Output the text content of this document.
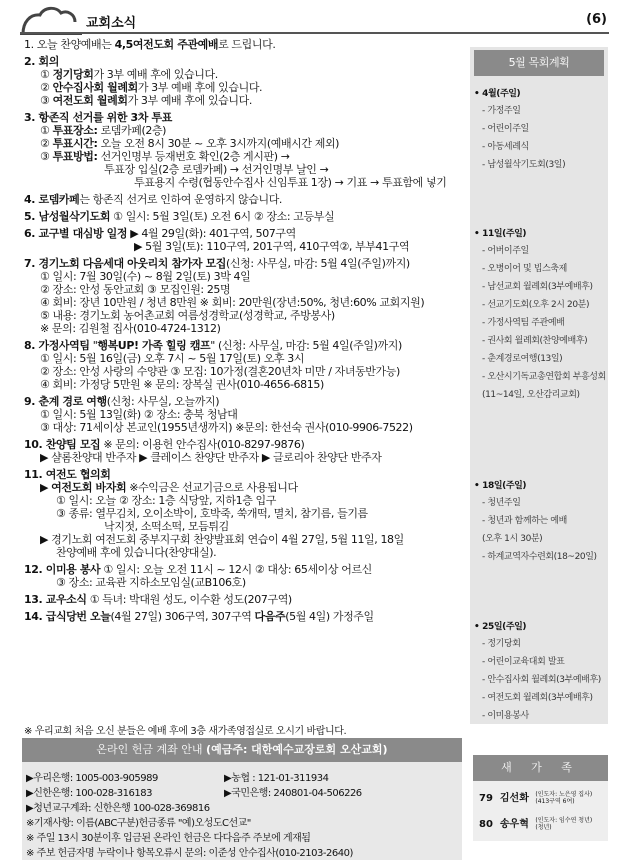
교회소식	(6)
1. 오늘 찬양예배는 4,5여전도회 주관예배로 드립니다.
2. 회의
① 정기당회가 3부 예배 후에 있습니다.
② 안수집사회 월례회가 3부 예배 후에 있습니다.
③ 여전도회 월례회가 3부 예배 후에 있습니다.
3. 항존직 선거를 위한 3차 투표
① 투표장소: 로뎀카페(2층)
② 투표시간: 오늘 오전 8시 30분 ~ 오후 3시까지(예배시간 제외)
③ 투표방법: 선거인명부 등재번호 확인(2층 게시판) →
투표장 입실(2층 로뎀카페) → 선거인명부 날인 →
투표용지 수령(협동안수집사 신임투표 1장) → 기표 → 투표함에 넣기
4. 로뎀카페는 항존직 선거로 인하여 운영하지 않습니다.
5. 남성월삭기도회 ① 일시: 5월 3일(토) 오전 6시 ② 장소: 고등부실
6. 교구별 대심방 일정 ▶ 4월 29일(화): 401구역, 507구역
▶ 5월 3일(토): 110구역, 201구역, 410구역②, 부부41구역
7. 경기노회 다음세대 아웃리치 참가자 모집(신청: 사무실, 마감: 5월 4일(주일)까지)
① 일시: 7월 30일(수) ~ 8월 2일(토) 3박 4일
② 장소: 안성 동안교회 ③ 모집인원: 25명
④ 회비: 장년 10만원 / 청년 8만원 ※ 회비: 20만원(장년:50%, 청년:60% 교회지원)
⑤ 내용: 경기노회 농어촌교회 여름성경학교(성경학교, 주방봉사)
※ 문의: 김원철 집사(010-4724-1312)
8. 가정사역팀 "행복UP! 가족 힐링 캠프" (신청: 사무실, 마감: 5월 4일(주일)까지)
① 일시: 5월 16일(금) 오후 7시 ~ 5월 17일(토) 오후 3시
② 장소: 안성 사랑의 수양관 ③ 모집: 10가정(결혼20년차 미만 / 자녀동반가능)
④ 회비: 가정당 5만원 ※ 문의: 장복실 권사(010-4656-6815)
9. 춘계 경로 여행(신청: 사무실, 오늘까지)
① 일시: 5월 13일(화) ② 장소: 충북 청남대
③ 대상: 71세이상 본교인(1955년생까지) ※문의: 한선숙 권사(010-9906-7522)
10. 찬양팀 모집 ※ 문의: 이용헌 안수집사(010-8297-9876)
▶ 샬롬찬양대 반주자 ▶ 클레이스 찬양단 반주자 ▶ 글로리아 찬양단 반주자
11. 여전도 협의회
▶ 여전도회 바자회 ※수익금은 선교기금으로 사용됩니다
① 일시: 오늘 ② 장소: 1층 식당앞, 지하1층 입구
③ 종류: 열무김치, 오이소박이, 호박죽, 쑥개떡, 멸치, 참기름, 들기름
낙지젓, 소떡소떡, 모듬튀김
▶ 경기노회 여전도회 중부지구회 찬양발표회 연습이 4월 27일, 5월 11일, 18일
찬양예배 후에 있습니다(찬양대실).
12. 이미용 봉사 ① 일시: 오늘 오전 11시 ~ 12시 ② 대상: 65세이상 어르신
③ 장소: 교육관 지하소모임실(교B106호)
13. 교우소식 ① 득녀: 박대원 성도, 이수환 성도(207구역)
14. 급식당번 오늘(4월 27일) 306구역, 307구역 다음주(5월 4일) 가정주일
5월 목회계획
• 4월(주일)
- 가정주일
- 어린이주일
- 아동세례식
- 남성월삭기도회(3일)
• 11일(주일)
- 어버이주일
- 오병이어 및 빕스축제
- 남선교회 월례회(3부예배후)
- 선교기도회(오후 2시 20분)
- 가정사역팀 주관예배
- 권사회 월례회(찬양예배후)
- 춘계경로여행(13일)
- 오산시기독교총연합회 부흥성회
(11~14일, 오산감리교회)
• 18일(주일)
- 청년주일
- 청년과 함께하는 예배
(오후 1시 30분)
- 하계교역자수련회(18~20일)
• 25일(주일)
- 정기당회
- 어린이교육대회 발표
- 안수집사회 월례회(3부예배후)
- 여전도회 월례회(3부예배후)
- 이미용봉사
※ 우리교회 처음 오신 분들은 예배 후에 3층 새가족영접실로 오시기 바랍니다.
온라인 헌금 계좌 안내 (예금주: 대한예수교장로회 오산교회)
▶우리은행: 1005-003-905989	▶농협 : 121-01-311934
▶신한은행: 100-028-316183	▶국민은행: 240801-04-506226
▶청년교구계좌: 신한은행 100-028-369816
※기재사항: 이름(ABC구분)헌금종류 "예)오성도C선교"
※ 주일 13시 30분이후 입금된 온라인 헌금은 다다음주 주보에 게재됨
※ 주보 헌금자명 누락이나 항목오류시 문의: 이준성 안수집사(010-2103-2640)
새 가 족
79 김선화 (인도자: 노은영 집사)
(413구역 6여)
80 송우혁 (인도자: 임수연 청년)
(청년)
